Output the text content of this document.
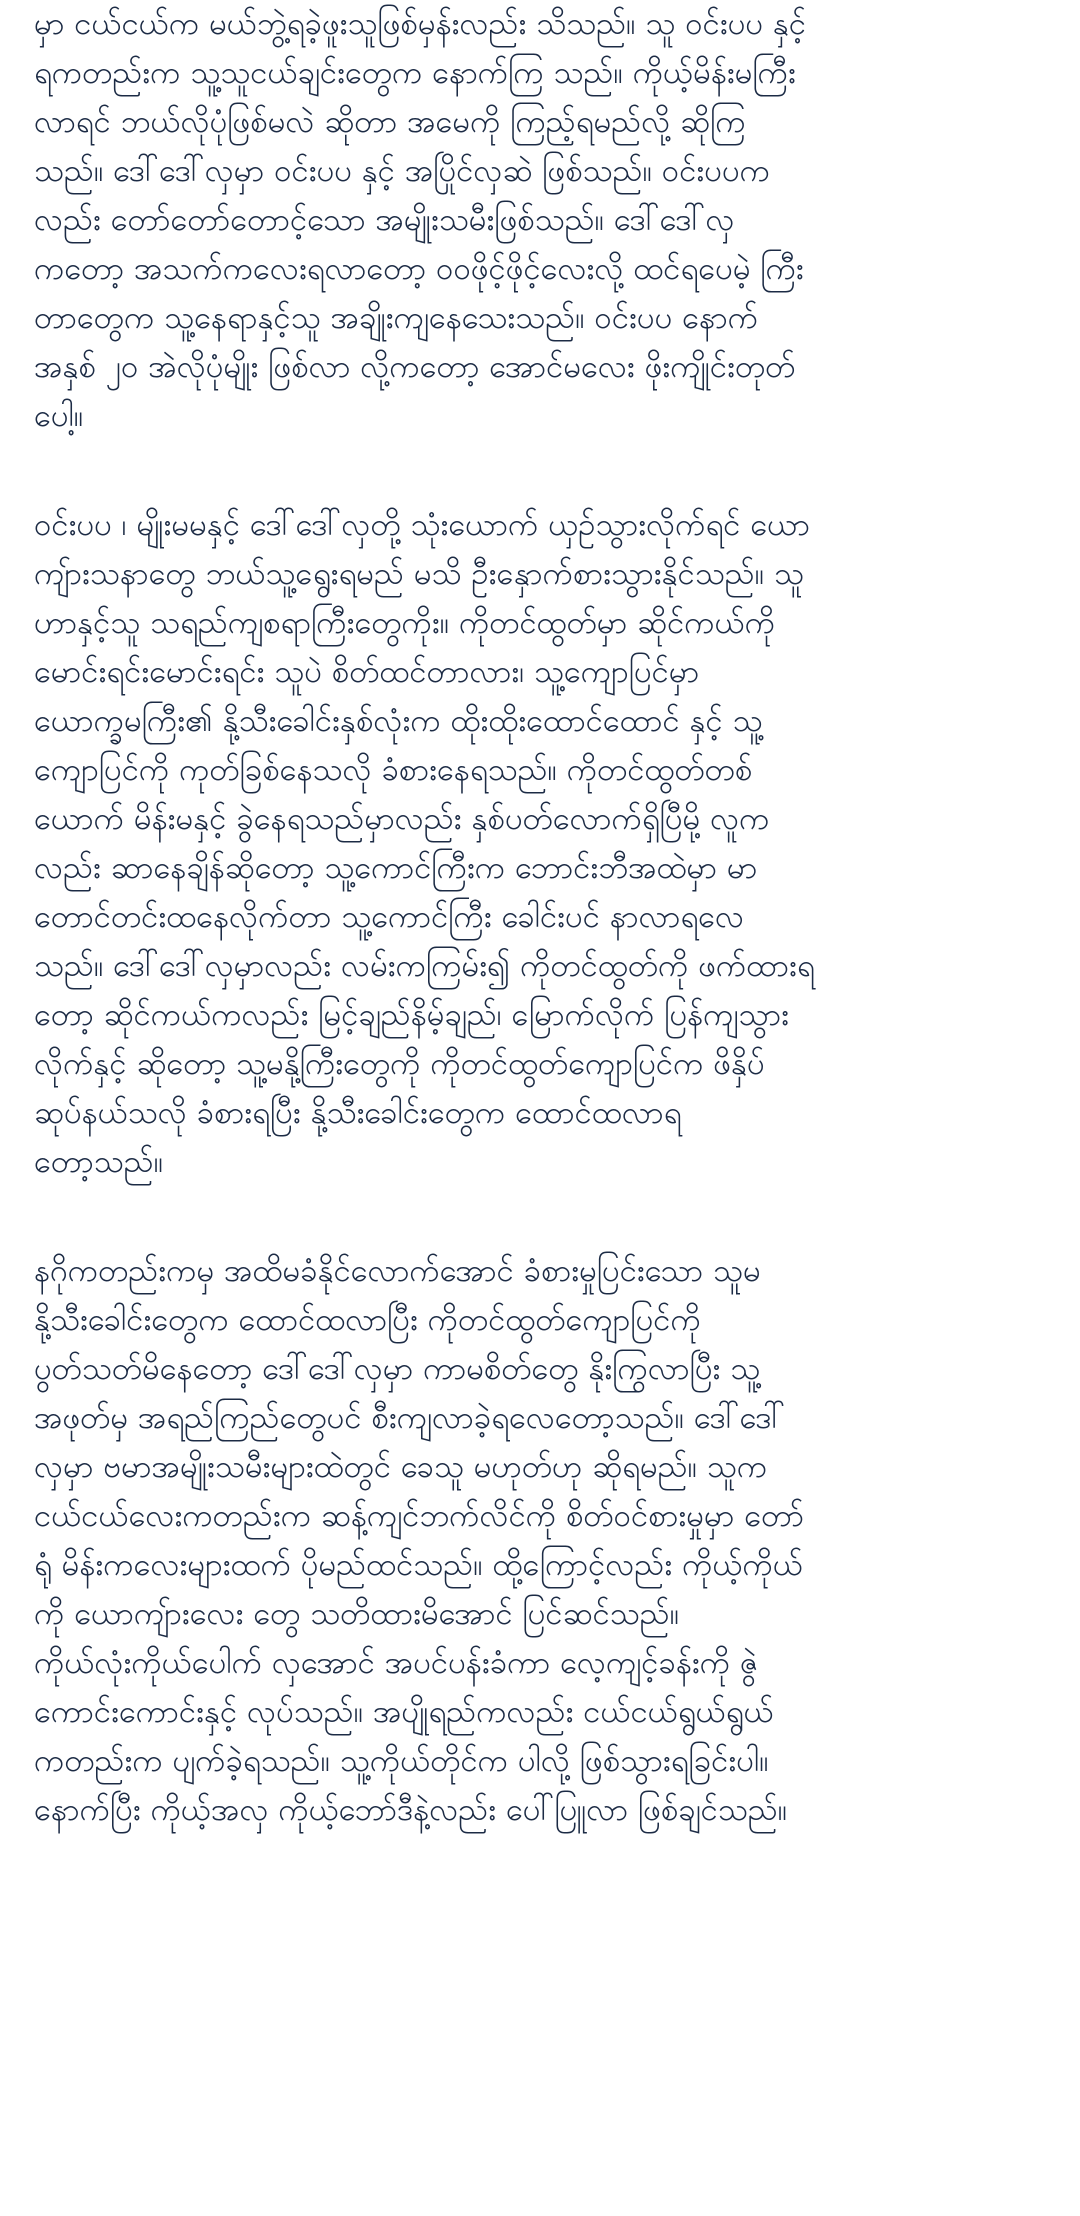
မှာ ငယ်ငယ်က မယ်ဘွဲ့ရခဲ့ဖူးသူဖြစ်မှန်းလည်း သိသည်။ သူ ဝင်းပပ နှင့်
ရကတည်းက သူ့သူငယ်ချင်းတွေက နောက်ကြ သည်။ ကိုယ့်မိန်းမကြီး
လာရင် ဘယ်လိုပုံဖြစ်မလဲ ဆိုတာ အမေကို ကြည့်ရမည်လို့ ဆိုကြ
သည်။ ဒေါ်ဒေါ်လှမှာ ဝင်းပပ နှင့် အပြိုင်လှဆဲ ဖြစ်သည်။ ဝင်းပပက
လည်း တော်တော်တောင့်သော အမျိုးသမီးဖြစ်သည်။ ဒေါ်ဒေါ်လှ
ကတော့ အသက်ကလေးရလာတော့ ဝဝဖိုင့်ဖိုင့်လေးလို့ ထင်ရပေမဲ့ ကြီး
တာတွေက သူ့နေရာနှင့်သူ အချိုးကျနေသေးသည်။ ဝင်းပပ နောက်
အနှစ် ၂၀ အဲလိုပုံမျိုး ဖြစ်လာ လို့ကတော့ အောင်မလေး ဖိုးကျိုင်းတုတ်
ပေါ့။

ဝင်းပပ ၊ မျိုးမမနှင့် ဒေါ်ဒေါ်လှတို့ သုံးယောက် ယှဉ်သွားလိုက်ရင် ယော
ကျ်ားသနာတွေ ဘယ်သူ့ရွေးရမည် မသိ ဦးနှောက်စားသွားနိုင်သည်။ သူ
ဟာနှင့်သူ သရည်ကျစရာကြီးတွေကိုး။ ကိုတင်ထွတ်မှာ ဆိုင်ကယ်ကို
မောင်းရင်းမောင်းရင်း သူပဲ စိတ်ထင်တာလား၊ သူ့ကျောပြင်မှာ
ယောက္ခမကြီး၏ နို့သီးခေါင်းနှစ်လုံးက ထိုးထိုးထောင်ထောင် နှင့် သူ့
ကျောပြင်ကို ကုတ်ခြစ်နေသလို ခံစားနေရသည်။ ကိုတင်ထွတ်တစ်
ယောက် မိန်းမနှင့် ခွဲနေရသည်မှာလည်း နှစ်ပတ်လောက်ရှိပြီမို့ လူက
လည်း ဆာနေချိန်ဆိုတော့ သူ့ကောင်ကြီးက ဘောင်းဘီအထဲမှာ မာ
တောင်တင်းထနေလိုက်တာ သူ့ကောင်ကြီး ခေါင်းပင် နာလာရလေ
သည်။ ဒေါ်ဒေါ်လှမှာလည်း လမ်းကကြမ်း၍ ကိုတင်ထွတ်ကို ဖက်ထားရ
တော့ ဆိုင်ကယ်ကလည်း မြင့်ချည်နိမ့်ချည်၊ မြောက်လိုက် ပြန်ကျသွား
လိုက်နှင့် ဆိုတော့ သူ့မနို့ကြီးတွေကို ကိုတင်ထွတ်ကျောပြင်က ဖိနှိပ်
ဆုပ်နယ်သလို ခံစားရပြီး နို့သီးခေါင်းတွေက ထောင်ထလာရ
တော့သည်။

နဂိုကတည်းကမှ အထိမခံနိုင်လောက်အောင် ခံစားမှုပြင်းသော သူမ
နို့သီးခေါင်းတွေက ထောင်ထလာပြီး ကိုတင်ထွတ်ကျောပြင်ကို
ပွတ်သတ်မိနေတော့ ဒေါ်ဒေါ်လှမှာ ကာမစိတ်တွေ နိုးကြွလာပြီး သူ့
အဖုတ်မှ အရည်ကြည်တွေပင် စီးကျလာခဲ့ရလေတော့သည်။ ဒေါ်ဒေါ်
လှမှာ ဗမာအမျိုးသမီးများထဲတွင် ခေသူ မဟုတ်ဟု ဆိုရမည်။ သူက
ငယ်ငယ်လေးကတည်းက ဆန့်ကျင်ဘက်လိင်ကို စိတ်ဝင်စားမှုမှာ တော်
ရုံ မိန်းကလေးများထက် ပိုမည်ထင်သည်။ ထို့ကြောင့်လည်း ကိုယ့်ကိုယ်
ကို ယောကျ်ားလေး တွေ သတိထားမိအောင် ပြင်ဆင်သည်။
ကိုယ်လုံးကိုယ်ပေါက် လှအောင် အပင်ပန်းခံကာ လေ့ကျင့်ခန်းကို ဇွဲ
ကောင်းကောင်းနှင့် လုပ်သည်။ အပျိုရည်ကလည်း ငယ်ငယ်ရွယ်ရွယ်
ကတည်းက ပျက်ခဲ့ရသည်။ သူ့ကိုယ်တိုင်က ပါလို့ ဖြစ်သွားရခြင်းပါ။
နောက်ပြီး ကိုယ့်အလှ ကိုယ့်ဘော်ဒီနဲ့လည်း ပေါ်ပြူလာ ဖြစ်ချင်သည်။
